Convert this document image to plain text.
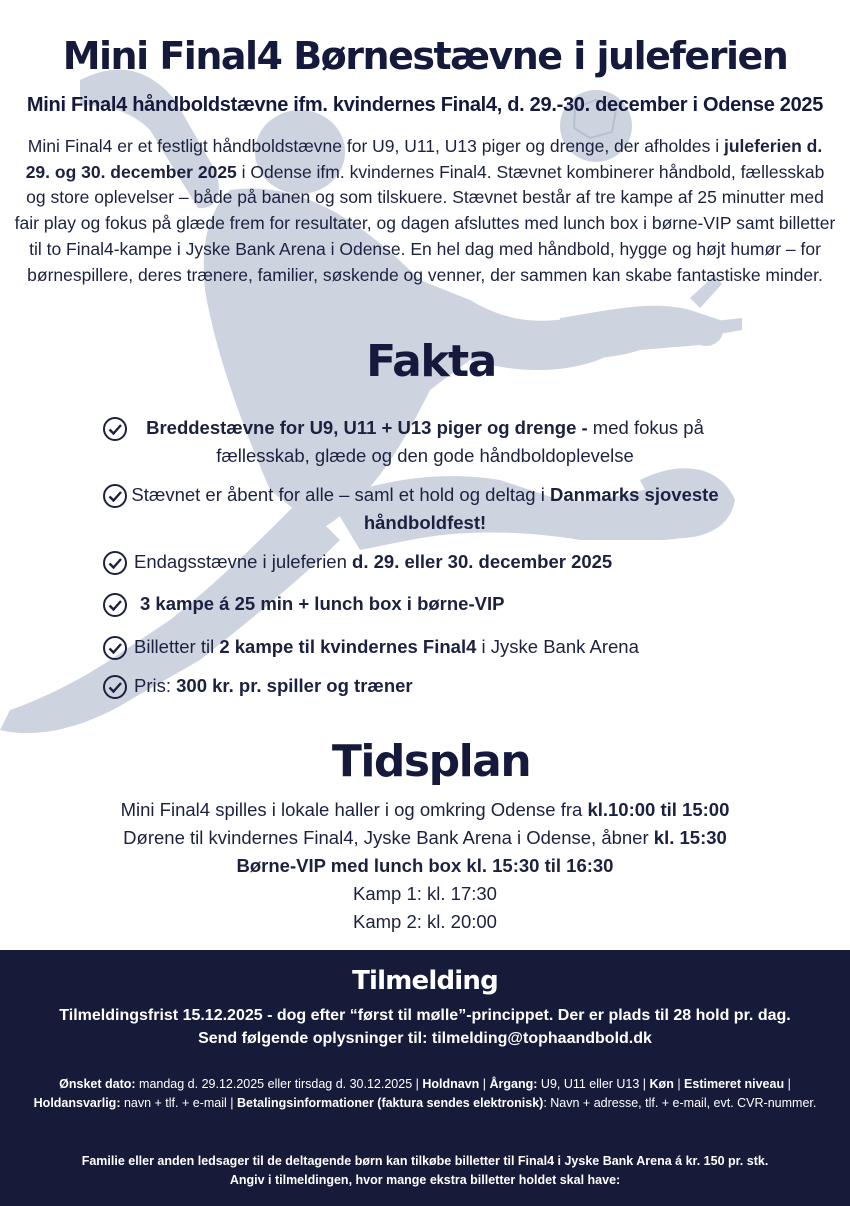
Mini Final4 Børnestævne i juleferien
Mini Final4 håndboldstævne ifm. kvindernes Final4, d. 29.-30. december i Odense 2025
Mini Final4 er et festligt håndboldstævne for U9, U11, U13 piger og drenge, der afholdes i juleferien d. 29. og 30. december 2025 i Odense ifm. kvindernes Final4. Stævnet kombinerer håndbold, fællesskab og store oplevelser – både på banen og som tilskuere. Stævnet består af tre kampe af 25 minutter med fair play og fokus på glæde frem for resultater, og dagen afsluttes med lunch box i børne-VIP samt billetter til to Final4-kampe i Jyske Bank Arena i Odense. En hel dag med håndbold, hygge og højt humør – for børnespillere, deres trænere, familier, søskende og venner, der sammen kan skabe fantastiske minder.
Fakta
Breddestævne for U9, U11 + U13 piger og drenge - med fokus på fællesskab, glæde og den gode håndboldoplevelse
Stævnet er åbent for alle – saml et hold og deltag i Danmarks sjoveste håndboldfest!
Endagsstævne i juleferien d. 29. eller 30. december 2025
3 kampe á 25 min + lunch box i børne-VIP
Billetter til 2 kampe til kvindernes Final4 i Jyske Bank Arena
Pris: 300 kr. pr. spiller og træner
Tidsplan
Mini Final4 spilles i lokale haller i og omkring Odense fra kl.10:00 til 15:00
Dørene til kvindernes Final4, Jyske Bank Arena i Odense, åbner kl. 15:30
Børne-VIP med lunch box kl. 15:30 til 16:30
Kamp 1: kl. 17:30
Kamp 2: kl. 20:00
Tilmelding
Tilmeldingsfrist 15.12.2025 - dog efter “først til mølle”-princippet. Der er plads til 28 hold pr. dag.
Send følgende oplysninger til: tilmelding@tophaandbold.dk
Ønsket dato: mandag d. 29.12.2025 eller tirsdag d. 30.12.2025 | Holdnavn | Årgang: U9, U11 eller U13 | Køn | Estimeret niveau | Holdansvarlig: navn + tlf. + e-mail | Betalingsinformationer (faktura sendes elektronisk): Navn + adresse, tlf. + e-mail, evt. CVR-nummer.
Familie eller anden ledsager til de deltagende børn kan tilkøbe billetter til Final4 i Jyske Bank Arena á kr. 150 pr. stk.
Angiv i tilmeldingen, hvor mange ekstra billetter holdet skal have:
